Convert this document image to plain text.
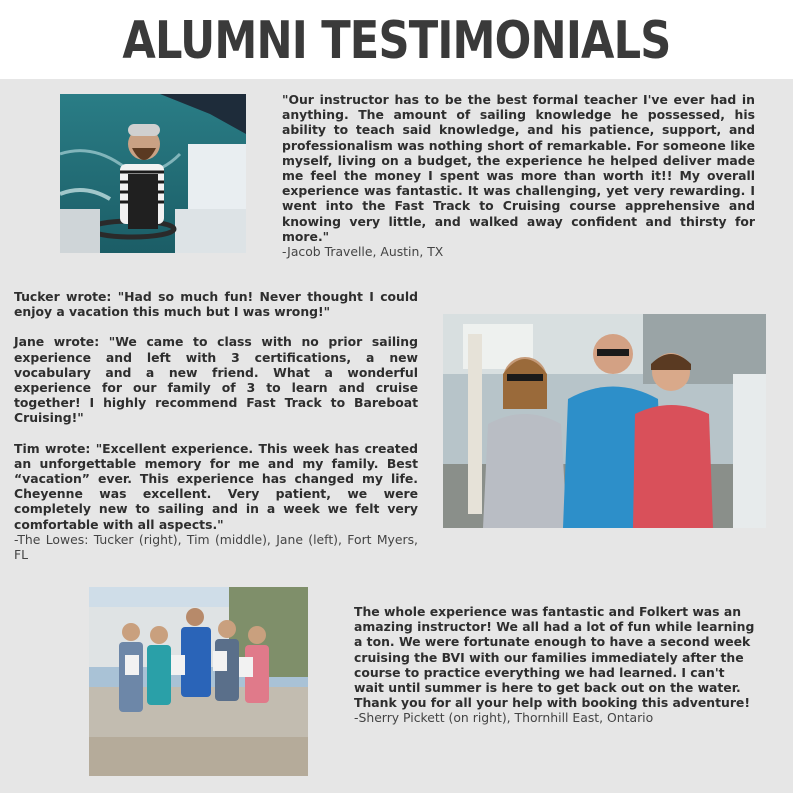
ALUMNI TESTIMONIALS
"Our instructor has to be the best formal teacher I've ever had in anything. The amount of sailing knowledge he possessed, his ability to teach said knowledge, and his patience, support, and professionalism was nothing short of remarkable. For someone like myself, living on a budget, the experience he helped deliver made me feel the money I spent was more than worth it!! My overall experience was fantastic. It was challenging, yet very rewarding. I went into the Fast Track to Cruising course apprehensive and knowing very little, and walked away confident and thirsty for more."
-Jacob Travelle, Austin, TX
Tucker wrote: "Had so much fun! Never thought I could enjoy a vacation this much but I was wrong!"
Jane wrote: "We came to class with no prior sailing experience and left with 3 certifications, a new vocabulary and a new friend. What a wonderful experience for our family of 3 to learn and cruise together! I highly recommend Fast Track to Bareboat Cruising!"
Tim wrote: "Excellent experience. This week has created an unforgettable memory for me and my family. Best “vacation” ever. This experience has changed my life. Cheyenne was excellent. Very patient, we were completely new to sailing and in a week we felt very comfortable with all aspects."
-The Lowes: Tucker (right), Tim (middle), Jane (left), Fort Myers, FL
The whole experience was fantastic and Folkert was an amazing instructor! We all had a lot of fun while learning a ton. We were fortunate enough to have a second week cruising the BVI with our families immediately after the course to practice everything we had learned. I can't wait until summer is here to get back out on the water. Thank you for all your help with booking this adventure!
-Sherry Pickett (on right), Thornhill East, Ontario
